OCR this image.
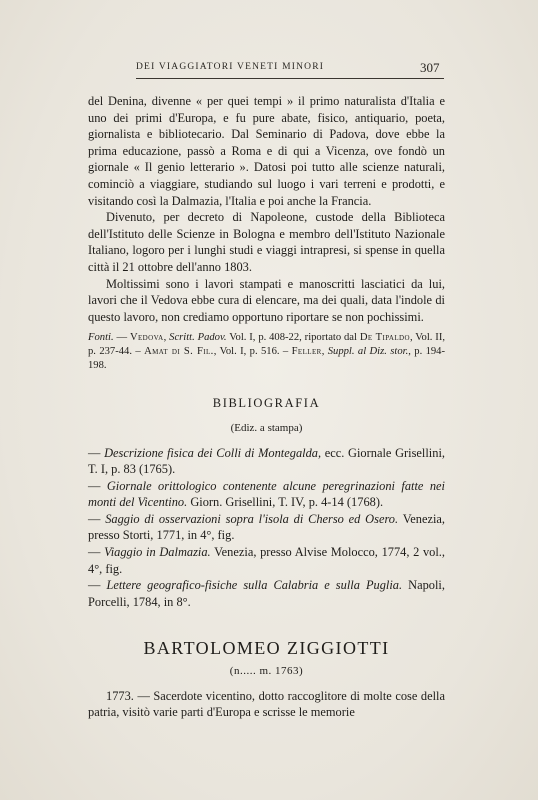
DEI VIAGGIATORI VENETI MINORI	307

del Denina, divenne « per quei tempi » il primo naturalista d'Italia e uno dei primi d'Europa, e fu pure abate, fisico, antiquario, poeta, giornalista e bibliotecario. Dal Seminario di Padova, dove ebbe la prima educazione, passò a Roma e di qui a Vicenza, ove fondò un giornale « Il genio letterario ». Datosi poi tutto alle scienze naturali, cominciò a viaggiare, studiando sul luogo i vari terreni e prodotti, e visitando così la Dalmazia, l'Italia e poi anche la Francia.

Divenuto, per decreto di Napoleone, custode della Biblioteca dell'Istituto delle Scienze in Bologna e membro dell'Istituto Nazionale Italiano, logoro per i lunghi studi e viaggi intrapresi, si spense in quella città il 21 ottobre dell'anno 1803.

Moltissimi sono i lavori stampati e manoscritti lasciatici da lui, lavori che il Vedova ebbe cura di elencare, ma dei quali, data l'indole di questo lavoro, non crediamo opportuno riportare se non pochissimi.

Fonti. — Vedova, Scritt. Padov. Vol. I, p. 408-22, riportato dal De Tipaldo, Vol. II, p. 237-44. – Amat di S. Fil., Vol. I, p. 516. – Feller, Suppl. al Diz. stor., p. 194-198.

BIBLIOGRAFIA

(Ediz. a stampa)

— Descrizione fisica dei Colli di Montegalda, ecc. Giornale Grisellini, T. I, p. 83 (1765).

— Giornale orittologico contenente alcune peregrinazioni fatte nei monti del Vicentino. Giorn. Grisellini, T. IV, p. 4-14 (1768).

— Saggio di osservazioni sopra l'isola di Cherso ed Osero. Venezia, presso Storti, 1771, in 4°, fig.

— Viaggio in Dalmazia. Venezia, presso Alvise Molocco, 1774, 2 vol., 4°, fig.

— Lettere geografico-fisiche sulla Calabria e sulla Puglia. Napoli, Porcelli, 1784, in 8°.

BARTOLOMEO ZIGGIOTTI

(n..... m. 1763)

1773. — Sacerdote vicentino, dotto raccoglitore di molte cose della patria, visitò varie parti d'Europa e scrisse le memorie
